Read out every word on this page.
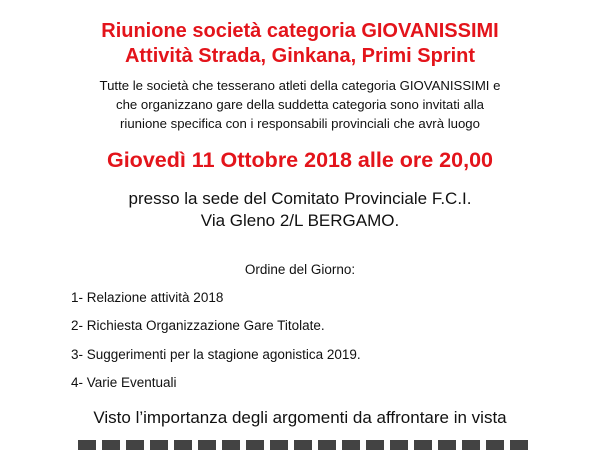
Riunione società categoria GIOVANISSIMI
Attività Strada, Ginkana, Primi Sprint
Tutte le società che tesserano atleti della categoria GIOVANISSIMI e
che organizzano gare della suddetta categoria sono invitati alla
riunione specifica con i responsabili provinciali che avrà luogo
Giovedì 11 Ottobre 2018 alle ore 20,00
presso la sede del Comitato Provinciale F.C.I.
Via Gleno 2/L BERGAMO.
Ordine del Giorno:
1- Relazione attività 2018
2- Richiesta Organizzazione Gare Titolate.
3- Suggerimenti per la stagione agonistica 2019.
4- Varie Eventuali
Visto l’importanza degli argomenti da affrontare in vista
